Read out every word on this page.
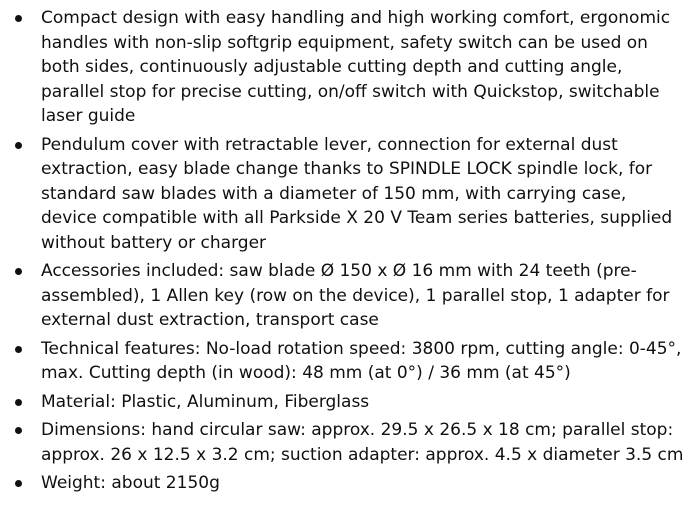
Compact design with easy handling and high working comfort, ergonomic handles with non-slip softgrip equipment, safety switch can be used on both sides, continuously adjustable cutting depth and cutting angle, parallel stop for precise cutting, on/off switch with Quickstop, switchable laser guide
Pendulum cover with retractable lever, connection for external dust extraction, easy blade change thanks to SPINDLE LOCK spindle lock, for standard saw blades with a diameter of 150 mm, with carrying case, device compatible with all Parkside X 20 V Team series batteries, supplied without battery or charger
Accessories included: saw blade Ø 150 x Ø 16 mm with 24 teeth (pre-assembled), 1 Allen key (row on the device), 1 parallel stop, 1 adapter for external dust extraction, transport case
Technical features: No-load rotation speed: 3800 rpm, cutting angle: 0-45°, max. Cutting depth (in wood): 48 mm (at 0°) / 36 mm (at 45°)
Material: Plastic, Aluminum, Fiberglass
Dimensions: hand circular saw: approx. 29.5 x 26.5 x 18 cm; parallel stop: approx. 26 x 12.5 x 3.2 cm; suction adapter: approx. 4.5 x diameter 3.5 cm
Weight: about 2150g
